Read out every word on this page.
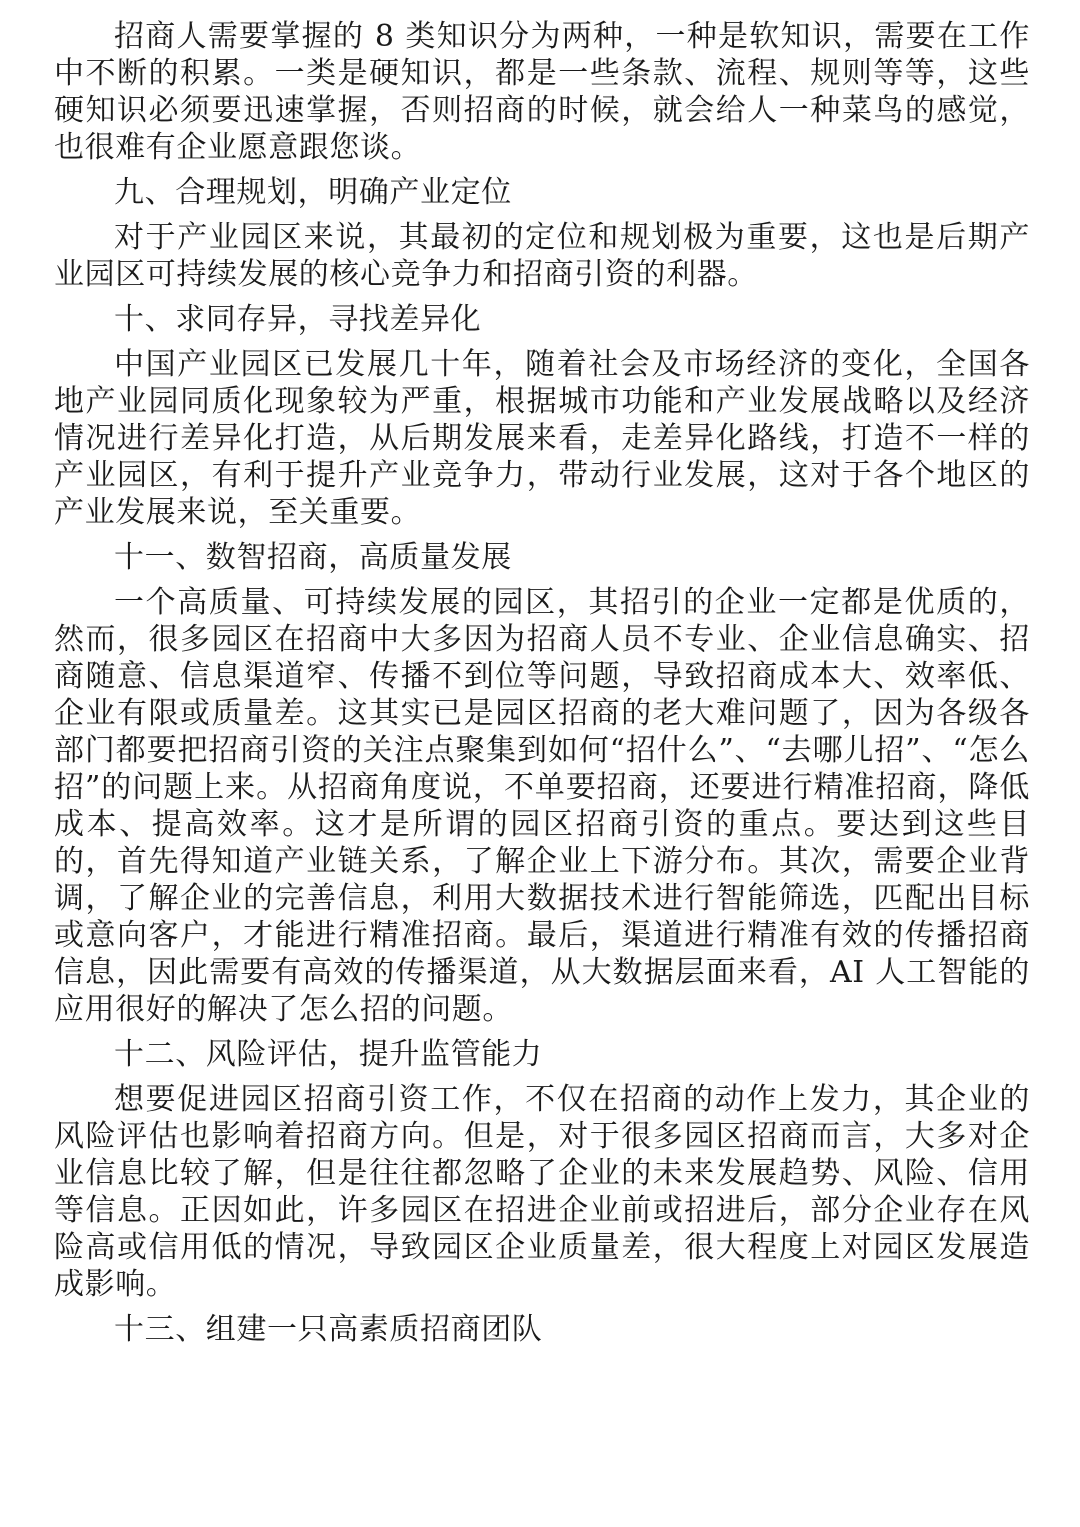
招商人需要掌握的 8 类知识分为两种，一种是软知识，需要在工作中不断的积累。一类是硬知识，都是一些条款、流程、规则等等，这些硬知识必须要迅速掌握，否则招商的时候，就会给人一种菜鸟的感觉，也很难有企业愿意跟您谈。

九、合理规划，明确产业定位

对于产业园区来说，其最初的定位和规划极为重要，这也是后期产业园区可持续发展的核心竞争力和招商引资的利器。

十、求同存异，寻找差异化

中国产业园区已发展几十年，随着社会及市场经济的变化，全国各地产业园同质化现象较为严重，根据城市功能和产业发展战略以及经济情况进行差异化打造，从后期发展来看，走差异化路线，打造不一样的产业园区，有利于提升产业竞争力，带动行业发展，这对于各个地区的产业发展来说，至关重要。

十一、数智招商，高质量发展

一个高质量、可持续发展的园区，其招引的企业一定都是优质的，然而，很多园区在招商中大多因为招商人员不专业、企业信息确实、招商随意、信息渠道窄、传播不到位等问题，导致招商成本大、效率低、企业有限或质量差。这其实已是园区招商的老大难问题了，因为各级各部门都要把招商引资的关注点聚集到如何“招什么”、“去哪儿招”、“怎么招”的问题上来。从招商角度说，不单要招商，还要进行精准招商，降低成本、提高效率。这才是所谓的园区招商引资的重点。要达到这些目的，首先得知道产业链关系，了解企业上下游分布。其次，需要企业背调，了解企业的完善信息，利用大数据技术进行智能筛选，匹配出目标或意向客户，才能进行精准招商。最后，渠道进行精准有效的传播招商信息，因此需要有高效的传播渠道，从大数据层面来看，AI 人工智能的应用很好的解决了怎么招的问题。

十二、风险评估，提升监管能力

想要促进园区招商引资工作，不仅在招商的动作上发力，其企业的风险评估也影响着招商方向。但是，对于很多园区招商而言，大多对企业信息比较了解，但是往往都忽略了企业的未来发展趋势、风险、信用等信息。正因如此，许多园区在招进企业前或招进后，部分企业存在风险高或信用低的情况，导致园区企业质量差，很大程度上对园区发展造成影响。

十三、组建一只高素质招商团队
